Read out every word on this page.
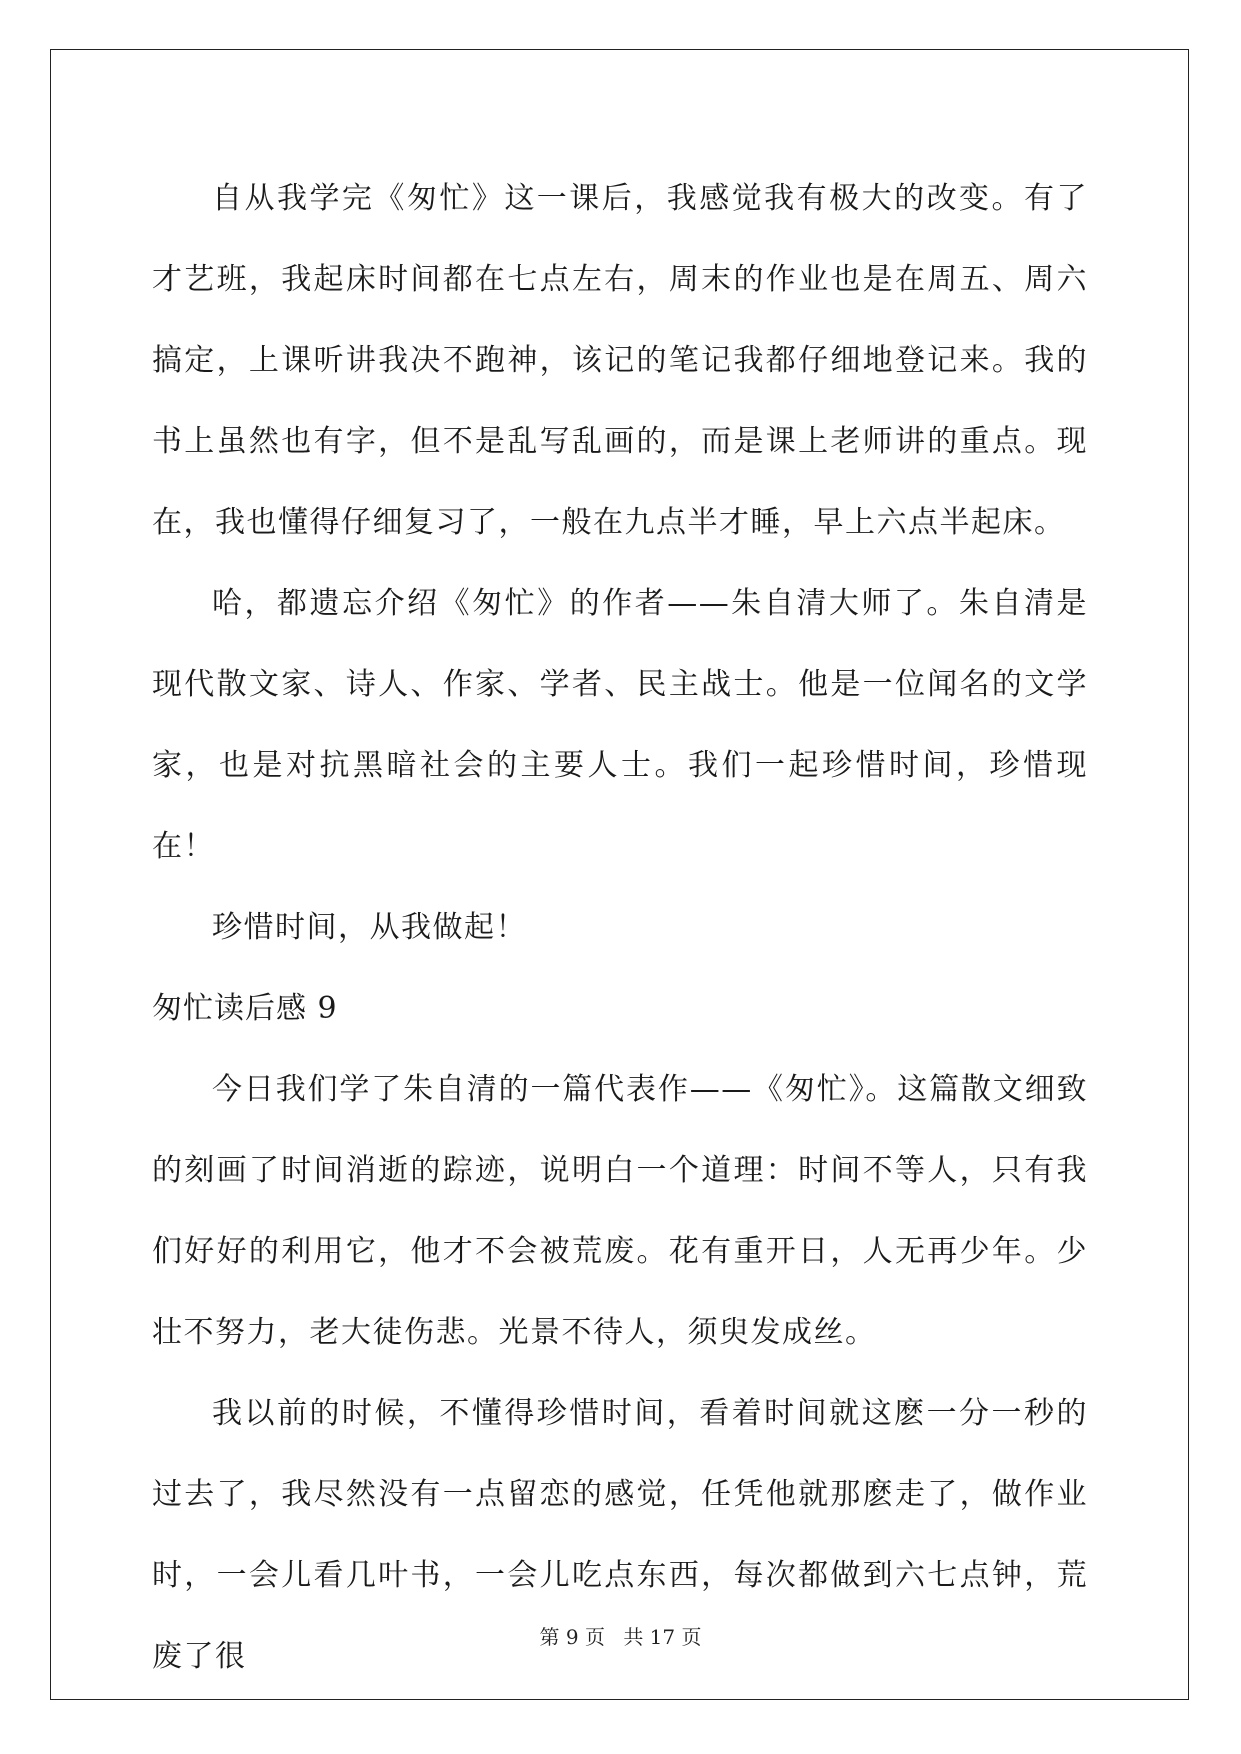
自从我学完《匆忙》这一课后，我感觉我有极大的改变。有了才艺班，我起床时间都在七点左右，周末的作业也是在周五、周六搞定，上课听讲我决不跑神，该记的笔记我都仔细地登记来。我的书上虽然也有字，但不是乱写乱画的，而是课上老师讲的重点。现在，我也懂得仔细复习了，一般在九点半才睡，早上六点半起床。

哈，都遗忘介绍《匆忙》的作者——朱自清大师了。朱自清是现代散文家、诗人、作家、学者、民主战士。他是一位闻名的文学家，也是对抗黑暗社会的主要人士。我们一起珍惜时间，珍惜现在！

珍惜时间，从我做起！

匆忙读后感 9

今日我们学了朱自清的一篇代表作——《匆忙》。这篇散文细致的刻画了时间消逝的踪迹，说明白一个道理：时间不等人，只有我们好好的利用它，他才不会被荒废。花有重开日，人无再少年。少壮不努力，老大徒伤悲。光景不待人，须臾发成丝。

我以前的时候，不懂得珍惜时间，看着时间就这麽一分一秒的过去了，我尽然没有一点留恋的感觉，任凭他就那麽走了，做作业时，一会儿看几叶书，一会儿吃点东西，每次都做到六七点钟，荒废了很

第 9 页 共 17 页
